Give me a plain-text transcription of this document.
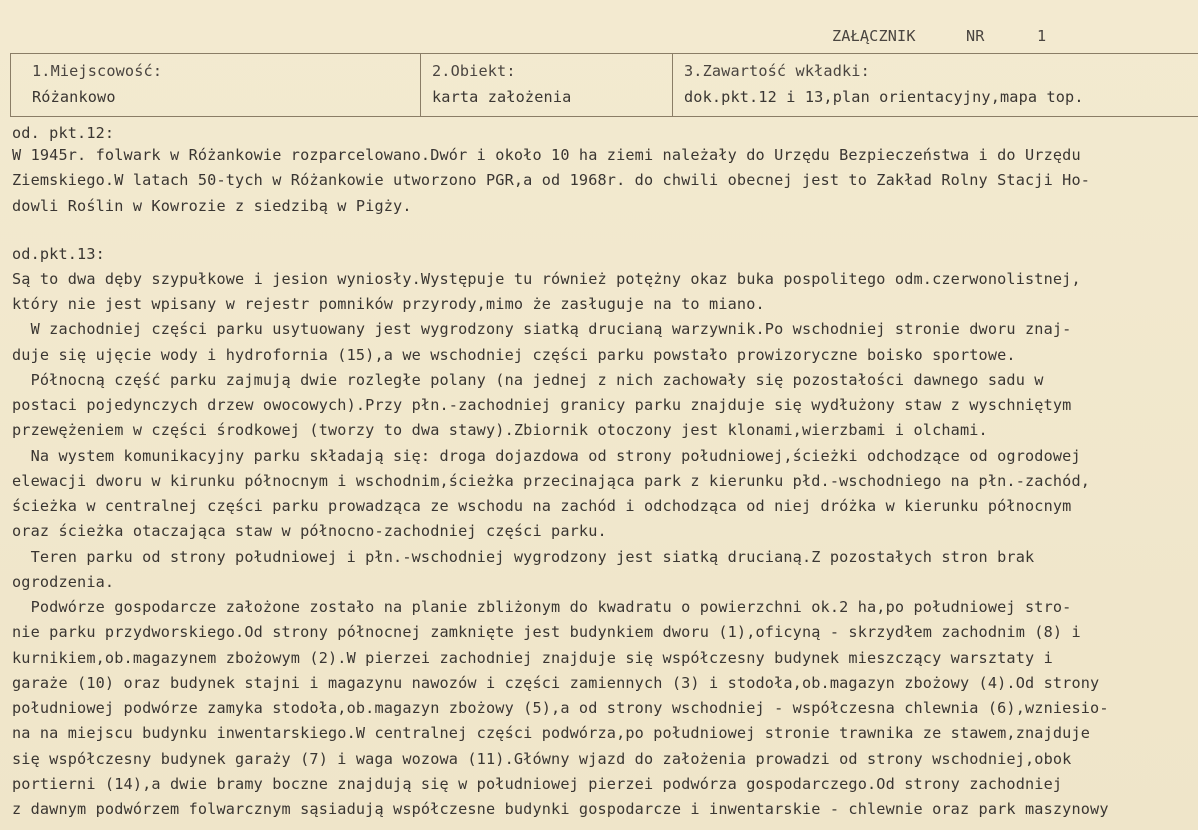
ZAŁĄCZNIK	NR	1
1.Miejscowość:
Różankowo
2.Obiekt:
karta założenia
3.Zawartość wkładki:
dok.pkt.12 i 13,plan orientacyjny,mapa top.
od. pkt.12:
W 1945r. folwark w Różankowie rozparcelowano.Dwór i około 10 ha ziemi należały do Urzędu Bezpieczeństwa i do Urzędu
Ziemskiego.W latach 50-tych w Różankowie utworzono PGR,a od 1968r. do chwili obecnej jest to Zakład Rolny Stacji Ho-
dowli Roślin w Kowrozie z siedzibą w Pigży.
od.pkt.13:
Są to dwa dęby szypułkowe i jesion wyniosły.Występuje tu również potężny okaz buka pospolitego odm.czerwonolistnej,
który nie jest wpisany w rejestr pomników przyrody,mimo że zasługuje na to miano.
W zachodniej części parku usytuowany jest wygrodzony siatką drucianą warzywnik.Po wschodniej stronie dworu znaj-
duje się ujęcie wody i hydrofornia (15),a we wschodniej części parku powstało prowizoryczne boisko sportowe.
Północną część parku zajmują dwie rozległe polany (na jednej z nich zachowały się pozostałości dawnego sadu w
postaci pojedynczych drzew owocowych).Przy płn.-zachodniej granicy parku znajduje się wydłużony staw z wyschniętym
przewężeniem w części środkowej (tworzy to dwa stawy).Zbiornik otoczony jest klonami,wierzbami i olchami.
Na wystem komunikacyjny parku składają się: droga dojazdowa od strony południowej,ścieżki odchodzące od ogrodowej
elewacji dworu w kirunku północnym i wschodnim,ścieżka przecinająca park z kierunku płd.-wschodniego na płn.-zachód,
ścieżka w centralnej części parku prowadząca ze wschodu na zachód i odchodząca od niej dróżka w kierunku północnym
oraz ścieżka otaczająca staw w północno-zachodniej części parku.
Teren parku od strony południowej i płn.-wschodniej wygrodzony jest siatką drucianą.Z pozostałych stron brak
ogrodzenia.
Podwórze gospodarcze założone zostało na planie zbliżonym do kwadratu o powierzchni ok.2 ha,po południowej stro-
nie parku przydworskiego.Od strony północnej zamknięte jest budynkiem dworu (1),oficyną - skrzydłem zachodnim (8) i
kurnikiem,ob.magazynem zbożowym (2).W pierzei zachodniej znajduje się współczesny budynek mieszczący warsztaty i
garaże (10) oraz budynek stajni i magazynu nawozów i części zamiennych (3) i stodoła,ob.magazyn zbożowy (4).Od strony
południowej podwórze zamyka stodoła,ob.magazyn zbożowy (5),a od strony wschodniej - współczesna chlewnia (6),wzniesio-
na na miejscu budynku inwentarskiego.W centralnej części podwórza,po południowej stronie trawnika ze stawem,znajduje
się współczesny budynek garaży (7) i waga wozowa (11).Główny wjazd do założenia prowadzi od strony wschodniej,obok
portierni (14),a dwie bramy boczne znajdują się w południowej pierzei podwórza gospodarczego.Od strony zachodniej
z dawnym podwórzem folwarcznym sąsiadują współczesne budynki gospodarcze i inwentarskie - chlewnie oraz park maszynowy
